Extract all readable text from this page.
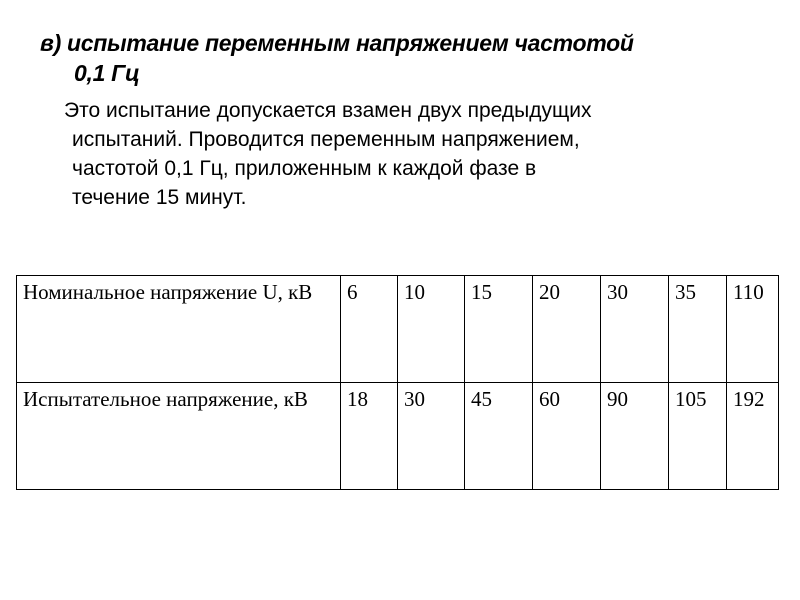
в) испытание переменным напряжением частотой
0,1 Гц
Это испытание допускается взамен двух предыдущих
испытаний. Проводится переменным напряжением,
частотой 0,1 Гц, приложенным к каждой фазе в
течение 15 минут.
Номинальное напряжение U, кВ	6	10	15	20	30	35	110
Испытательное напряжение, кВ	18	30	45	60	90	105	192
